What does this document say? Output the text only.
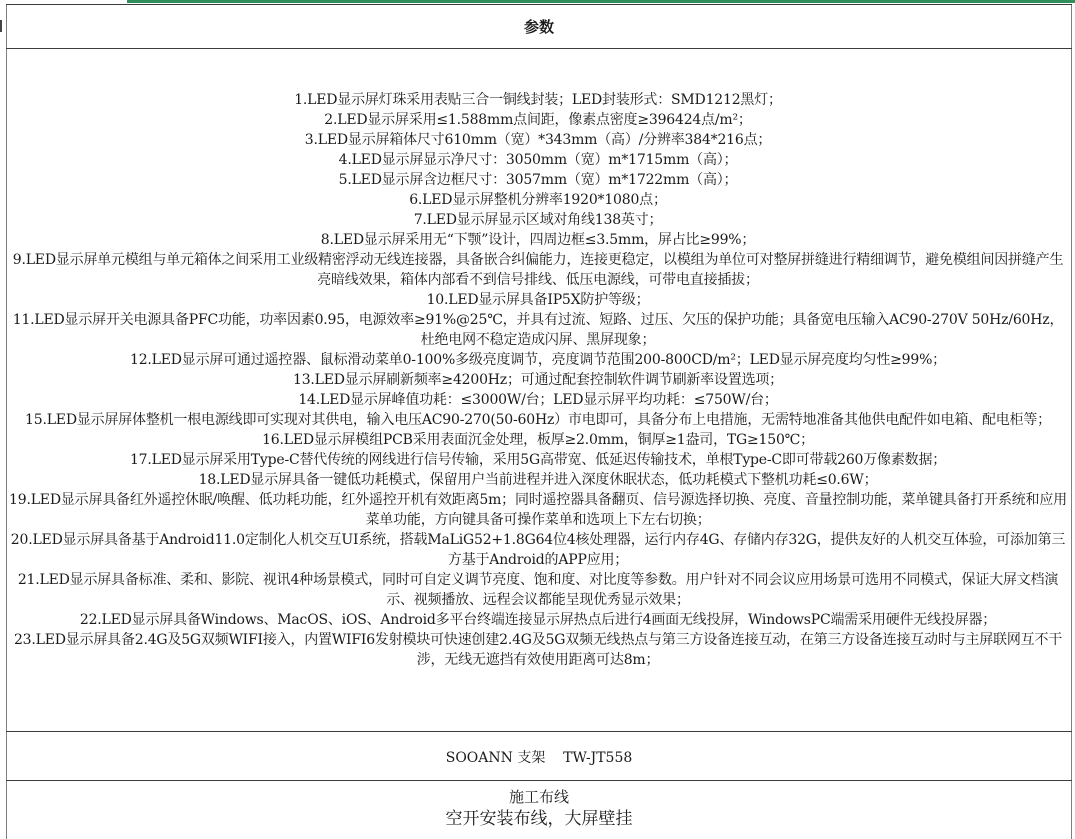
参数
1.LED显示屏灯珠采用表贴三合一铜线封装；LED封装形式：SMD1212黑灯；
2.LED显示屏采用≤1.588mm点间距，像素点密度≥396424点/m²；
3.LED显示屏箱体尺寸610mm（宽）*343mm（高）/分辨率384*216点；
4.LED显示屏显示净尺寸：3050mm（宽）m*1715mm（高）；
5.LED显示屏含边框尺寸：3057mm（宽）m*1722mm（高）；
6.LED显示屏整机分辨率1920*1080点；
7.LED显示屏显示区域对角线138英寸；
8.LED显示屏采用无“下颚”设计，四周边框≤3.5mm，屏占比≥99%；
9.LED显示屏单元模组与单元箱体之间采用工业级精密浮动无线连接器，具备嵌合纠偏能力，连接更稳定，以模组为单位可对整屏拼缝进行精细调节，避免模组间因拼缝产生亮暗线效果，箱体内部看不到信号排线、低压电源线，可带电直接插拔；
10.LED显示屏具备IP5X防护等级；
11.LED显示屏开关电源具备PFC功能，功率因素0.95，电源效率≥91%@25℃，并具有过流、短路、过压、欠压的保护功能；具备宽电压输入AC90-270V 50Hz/60Hz，杜绝电网不稳定造成闪屏、黑屏现象；
12.LED显示屏可通过遥控器、鼠标滑动菜单0-100%多级亮度调节，亮度调节范围200-800CD/m²；LED显示屏亮度均匀性≥99%；
13.LED显示屏刷新频率≥4200Hz；可通过配套控制软件调节刷新率设置选项；
14.LED显示屏峰值功耗：≤3000W/台；LED显示屏平均功耗：≤750W/台；
15.LED显示屏屏体整机一根电源线即可实现对其供电，输入电压AC90-270(50-60Hz）市电即可，具备分布上电措施，无需特地准备其他供电配件如电箱、配电柜等；
16.LED显示屏模组PCB采用表面沉金处理，板厚≥2.0mm，铜厚≥1盎司，TG≥150℃；
17.LED显示屏采用Type-C替代传统的网线进行信号传输，采用5G高带宽、低延迟传输技术，单根Type-C即可带载260万像素数据；
18.LED显示屏具备一键低功耗模式，保留用户当前进程并进入深度休眠状态，低功耗模式下整机功耗≤0.6W；
19.LED显示屏具备红外遥控休眠/唤醒、低功耗功能，红外遥控开机有效距离5m；同时遥控器具备翻页、信号源选择切换、亮度、音量控制功能，菜单键具备打开系统和应用菜单功能，方向键具备可操作菜单和选项上下左右切换；
20.LED显示屏具备基于Android11.0定制化人机交互UI系统，搭载MaLiG52+1.8G64位4核处理器，运行内存4G、存储内存32G，提供友好的人机交互体验，可添加第三方基于Android的APP应用；
21.LED显示屏具备标准、柔和、影院、视讯4种场景模式，同时可自定义调节亮度、饱和度、对比度等参数。用户针对不同会议应用场景可选用不同模式，保证大屏文档演示、视频播放、远程会议都能呈现优秀显示效果；
22.LED显示屏具备Windows、MacOS、iOS、Android多平台终端连接显示屏热点后进行4画面无线投屏，WindowsPC端需采用硬件无线投屏器；
23.LED显示屏具备2.4G及5G双频WIFI接入，内置WIFI6发射模块可快速创建2.4G及5G双频无线热点与第三方设备连接互动，在第三方设备连接互动时与主屏联网互不干涉，无线无遮挡有效使用距离可达8m；
SOOANN 支架    TW-JT558
施工布线
空开安装布线，大屏壁挂
